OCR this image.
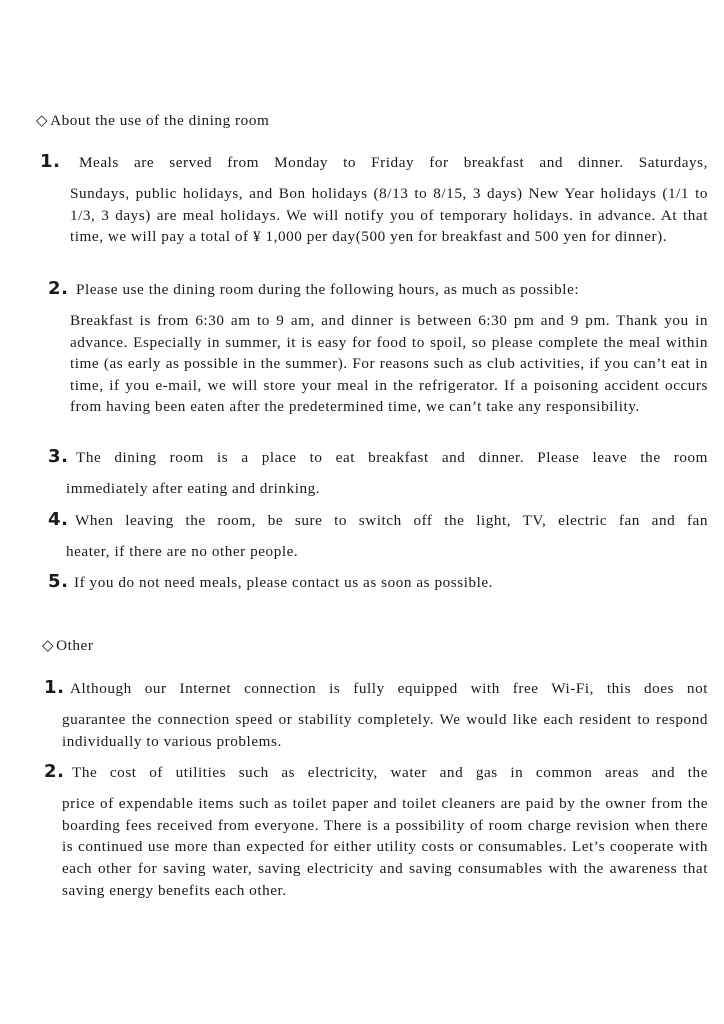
◇ About the use of the dining room
1. Meals are served from Monday to Friday for breakfast and dinner. Saturdays,
Sundays, public holidays, and Bon holidays (8/13 to 8/15, 3 days) New Year holidays (1/1 to 1/3, 3 days) are meal holidays. We will notify you of temporary holidays. in advance. At that time, we will pay a total of ¥ 1,000 per day(500 yen for breakfast and 500 yen for dinner).
2. Please use the dining room during the following hours, as much as possible:
Breakfast is from 6:30 am to 9 am, and dinner is between 6:30 pm and 9 pm. Thank you in advance. Especially in summer, it is easy for food to spoil, so please complete the meal within time (as early as possible in the summer). For reasons such as club activities, if you can’t eat in time, if you e-mail, we will store your meal in the refrigerator. If a poisoning accident occurs from having been eaten after the predetermined time, we can’t take any responsibility.
3. The dining room is a place to eat breakfast and dinner. Please leave the room
immediately after eating and drinking.
4. When leaving the room, be sure to switch off the light, TV, electric fan and fan
heater, if there are no other people.
5. If you do not need meals, please contact us as soon as possible.
◇ Other
1. Although our Internet connection is fully equipped with free Wi-Fi, this does not
guarantee the connection speed or stability completely. We would like each resident to respond individually to various problems.
2. The cost of utilities such as electricity, water and gas in common areas and the
price of expendable items such as toilet paper and toilet cleaners are paid by the owner from the boarding fees received from everyone. There is a possibility of room charge revision when there is continued use more than expected for either utility costs or consumables. Let’s cooperate with each other for saving water, saving electricity and saving consumables with the awareness that saving energy benefits each other.
